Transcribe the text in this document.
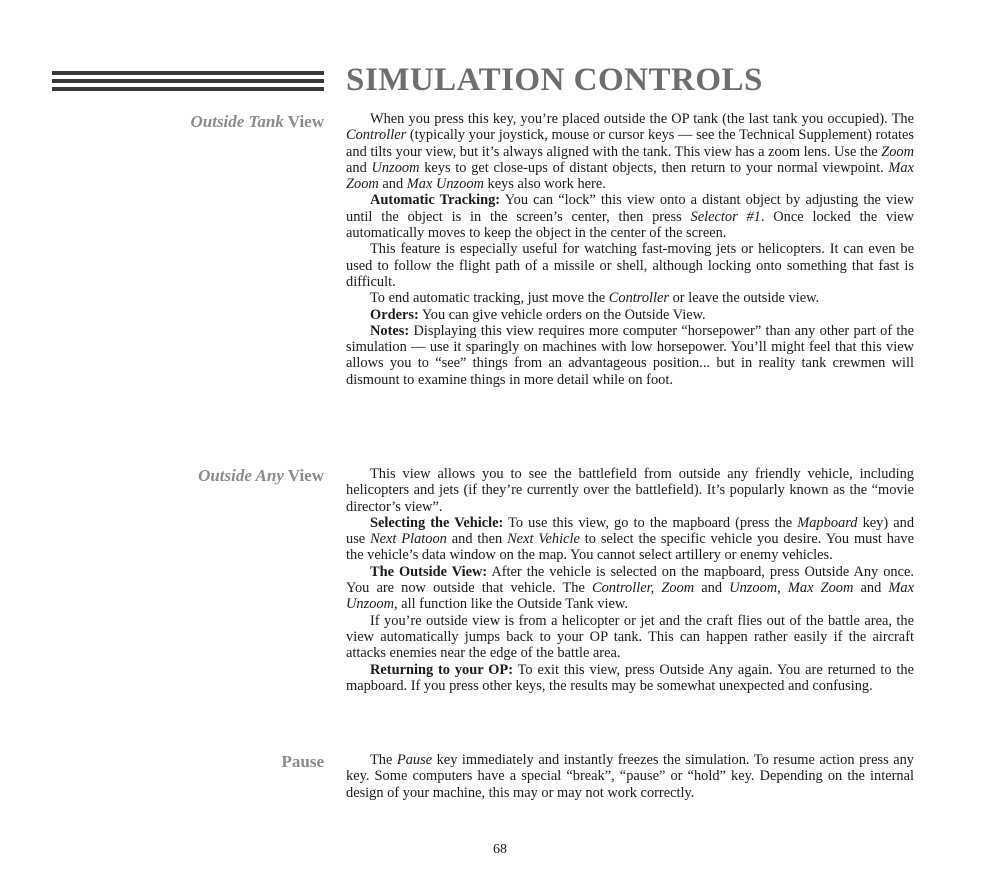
SIMULATION CONTROLS
Outside Tank View	When you press this key, you’re placed outside the OP tank (the last tank you occupied). The Controller (typically your joystick, mouse or cursor keys — see the Technical Supplement) rotates and tilts your view, but it’s always aligned with the tank. This view has a zoom lens. Use the Zoom and Unzoom keys to get close-ups of distant objects, then return to your normal viewpoint. Max Zoom and Max Unzoom keys also work here.

Automatic Tracking: You can “lock” this view onto a distant object by adjusting the view until the object is in the screen’s center, then press Selector #1. Once locked the view automatically moves to keep the object in the center of the screen.

This feature is especially useful for watching fast-moving jets or helicopters. It can even be used to follow the flight path of a missile or shell, although locking onto something that fast is difficult.

To end automatic tracking, just move the Controller or leave the outside view.

Orders: You can give vehicle orders on the Outside View.

Notes: Displaying this view requires more computer “horsepower” than any other part of the simulation — use it sparingly on machines with low horsepower. You’ll might feel that this view allows you to “see” things from an advantageous position... but in reality tank crewmen will dismount to examine things in more detail while on foot.

Outside Any View	This view allows you to see the battlefield from outside any friendly vehicle, including helicopters and jets (if they’re currently over the battlefield). It’s popularly known as the “movie director’s view”.

Selecting the Vehicle: To use this view, go to the mapboard (press the Mapboard key) and use Next Platoon and then Next Vehicle to select the specific vehicle you desire. You must have the vehicle’s data window on the map. You cannot select artillery or enemy vehicles.

The Outside View: After the vehicle is selected on the mapboard, press Outside Any once. You are now outside that vehicle. The Controller, Zoom and Unzoom, Max Zoom and Max Unzoom, all function like the Outside Tank view.

If you’re outside view is from a helicopter or jet and the craft flies out of the battle area, the view automatically jumps back to your OP tank. This can happen rather easily if the aircraft attacks enemies near the edge of the battle area.

Returning to your OP: To exit this view, press Outside Any again. You are returned to the mapboard. If you press other keys, the results may be somewhat unexpected and confusing.

Pause	The Pause key immediately and instantly freezes the simulation. To resume action press any key. Some computers have a special “break”, “pause” or “hold” key. Depending on the internal design of your machine, this may or may not work correctly.

68
